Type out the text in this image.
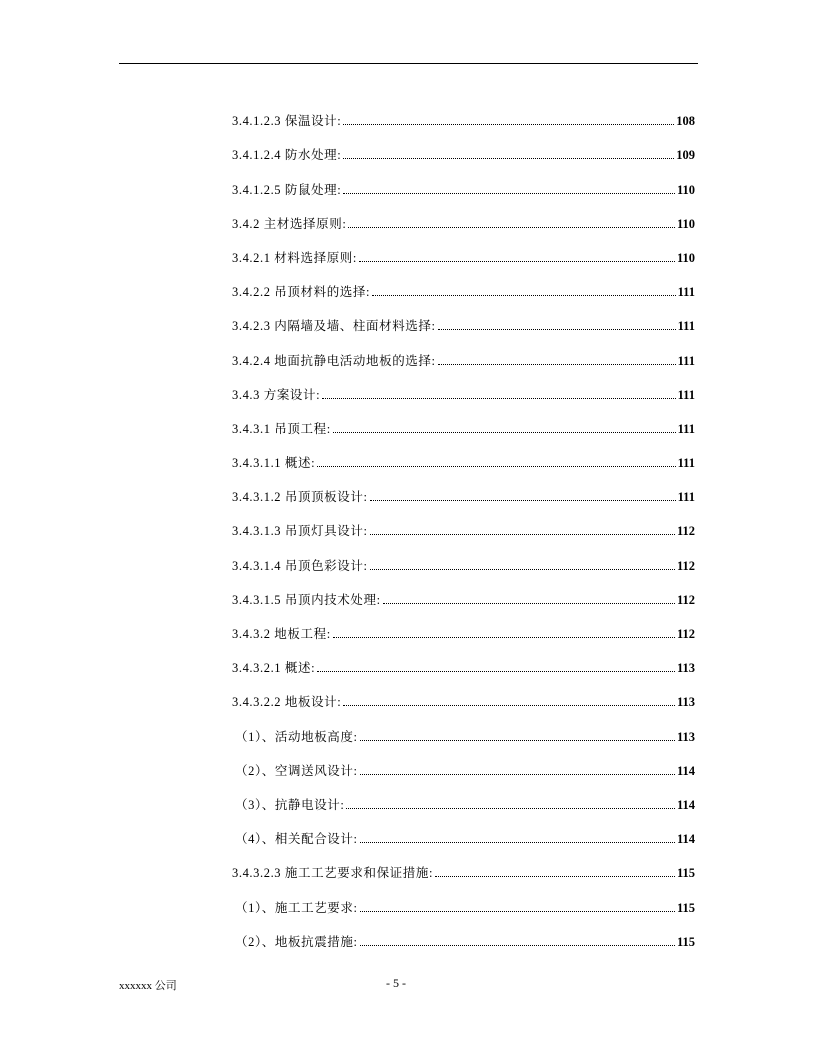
3.4.1.2.3 保温设计:	108
3.4.1.2.4 防水处理:	109
3.4.1.2.5 防鼠处理:	110
3.4.2 主材选择原则:	110
3.4.2.1 材料选择原则:	110
3.4.2.2 吊顶材料的选择:	111
3.4.2.3 内隔墙及墙、柱面材料选择:	111
3.4.2.4 地面抗静电活动地板的选择:	111
3.4.3 方案设计:	111
3.4.3.1 吊顶工程:	111
3.4.3.1.1 概述:	111
3.4.3.1.2 吊顶顶板设计:	111
3.4.3.1.3 吊顶灯具设计:	112
3.4.3.1.4 吊顶色彩设计:	112
3.4.3.1.5 吊顶内技术处理:	112
3.4.3.2 地板工程:	112
3.4.3.2.1 概述:	113
3.4.3.2.2 地板设计:	113
（1）、活动地板高度:	113
（2）、空调送风设计:	114
（3）、抗静电设计:	114
（4）、相关配合设计:	114
3.4.3.2.3 施工工艺要求和保证措施:	115
（1）、施工工艺要求:	115
（2）、地板抗震措施:	115
xxxxxx 公司	- 5 -
